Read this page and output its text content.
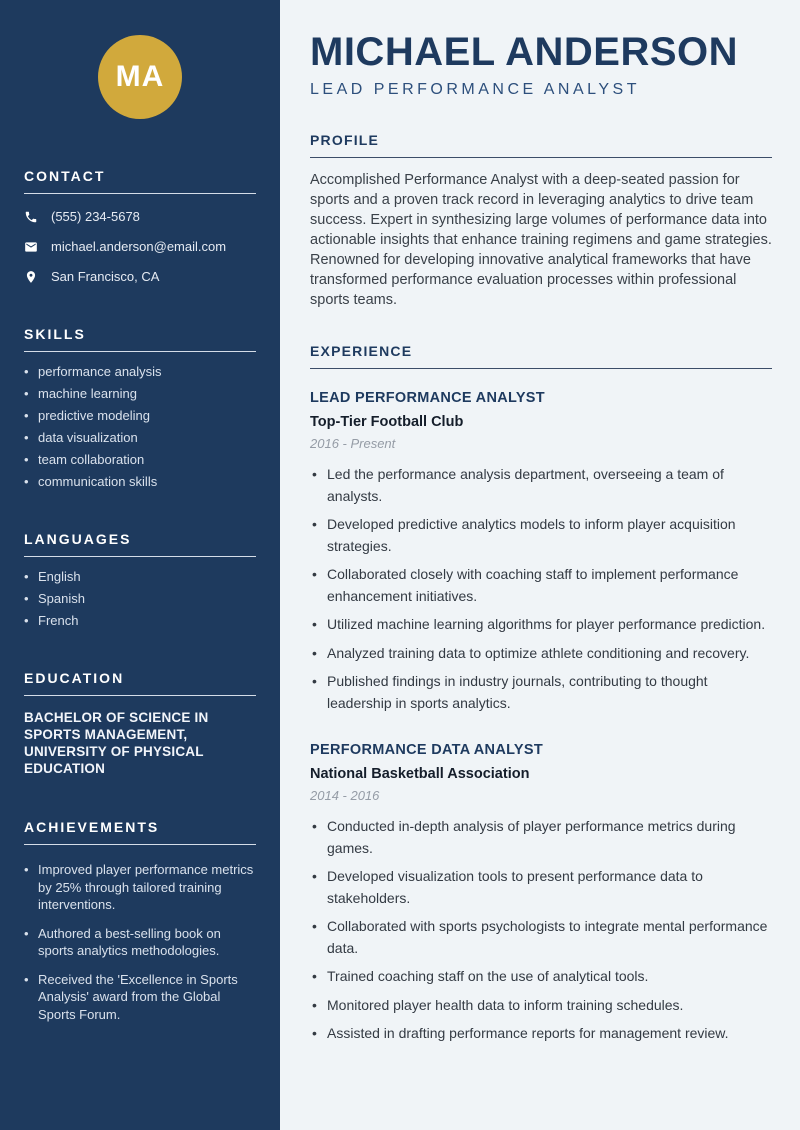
MA
CONTACT
(555) 234-5678
michael.anderson@email.com
San Francisco, CA
SKILLS
• performance analysis
• machine learning
• predictive modeling
• data visualization
• team collaboration
• communication skills
LANGUAGES
• English
• Spanish
• French
EDUCATION
BACHELOR OF SCIENCE IN SPORTS MANAGEMENT, UNIVERSITY OF PHYSICAL EDUCATION
ACHIEVEMENTS
• Improved player performance metrics by 25% through tailored training interventions.
• Authored a best-selling book on sports analytics methodologies.
• Received the 'Excellence in Sports Analysis' award from the Global Sports Forum.
MICHAEL ANDERSON
LEAD PERFORMANCE ANALYST
PROFILE

Accomplished Performance Analyst with a deep-seated passion for sports and a proven track record in leveraging analytics to drive team success. Expert in synthesizing large volumes of performance data into actionable insights that enhance training regimens and game strategies. Renowned for developing innovative analytical frameworks that have transformed performance evaluation processes within professional sports teams.

EXPERIENCE
LEAD PERFORMANCE ANALYST
Top-Tier Football Club
2016 - Present
• Led the performance analysis department, overseeing a team of analysts.
• Developed predictive analytics models to inform player acquisition strategies.
• Collaborated closely with coaching staff to implement performance enhancement initiatives.
• Utilized machine learning algorithms for player performance prediction.
• Analyzed training data to optimize athlete conditioning and recovery.
• Published findings in industry journals, contributing to thought leadership in sports analytics.
PERFORMANCE DATA ANALYST
National Basketball Association
2014 - 2016
• Conducted in-depth analysis of player performance metrics during games.
• Developed visualization tools to present performance data to stakeholders.
• Collaborated with sports psychologists to integrate mental performance data.
• Trained coaching staff on the use of analytical tools.
• Monitored player health data to inform training schedules.
• Assisted in drafting performance reports for management review.
